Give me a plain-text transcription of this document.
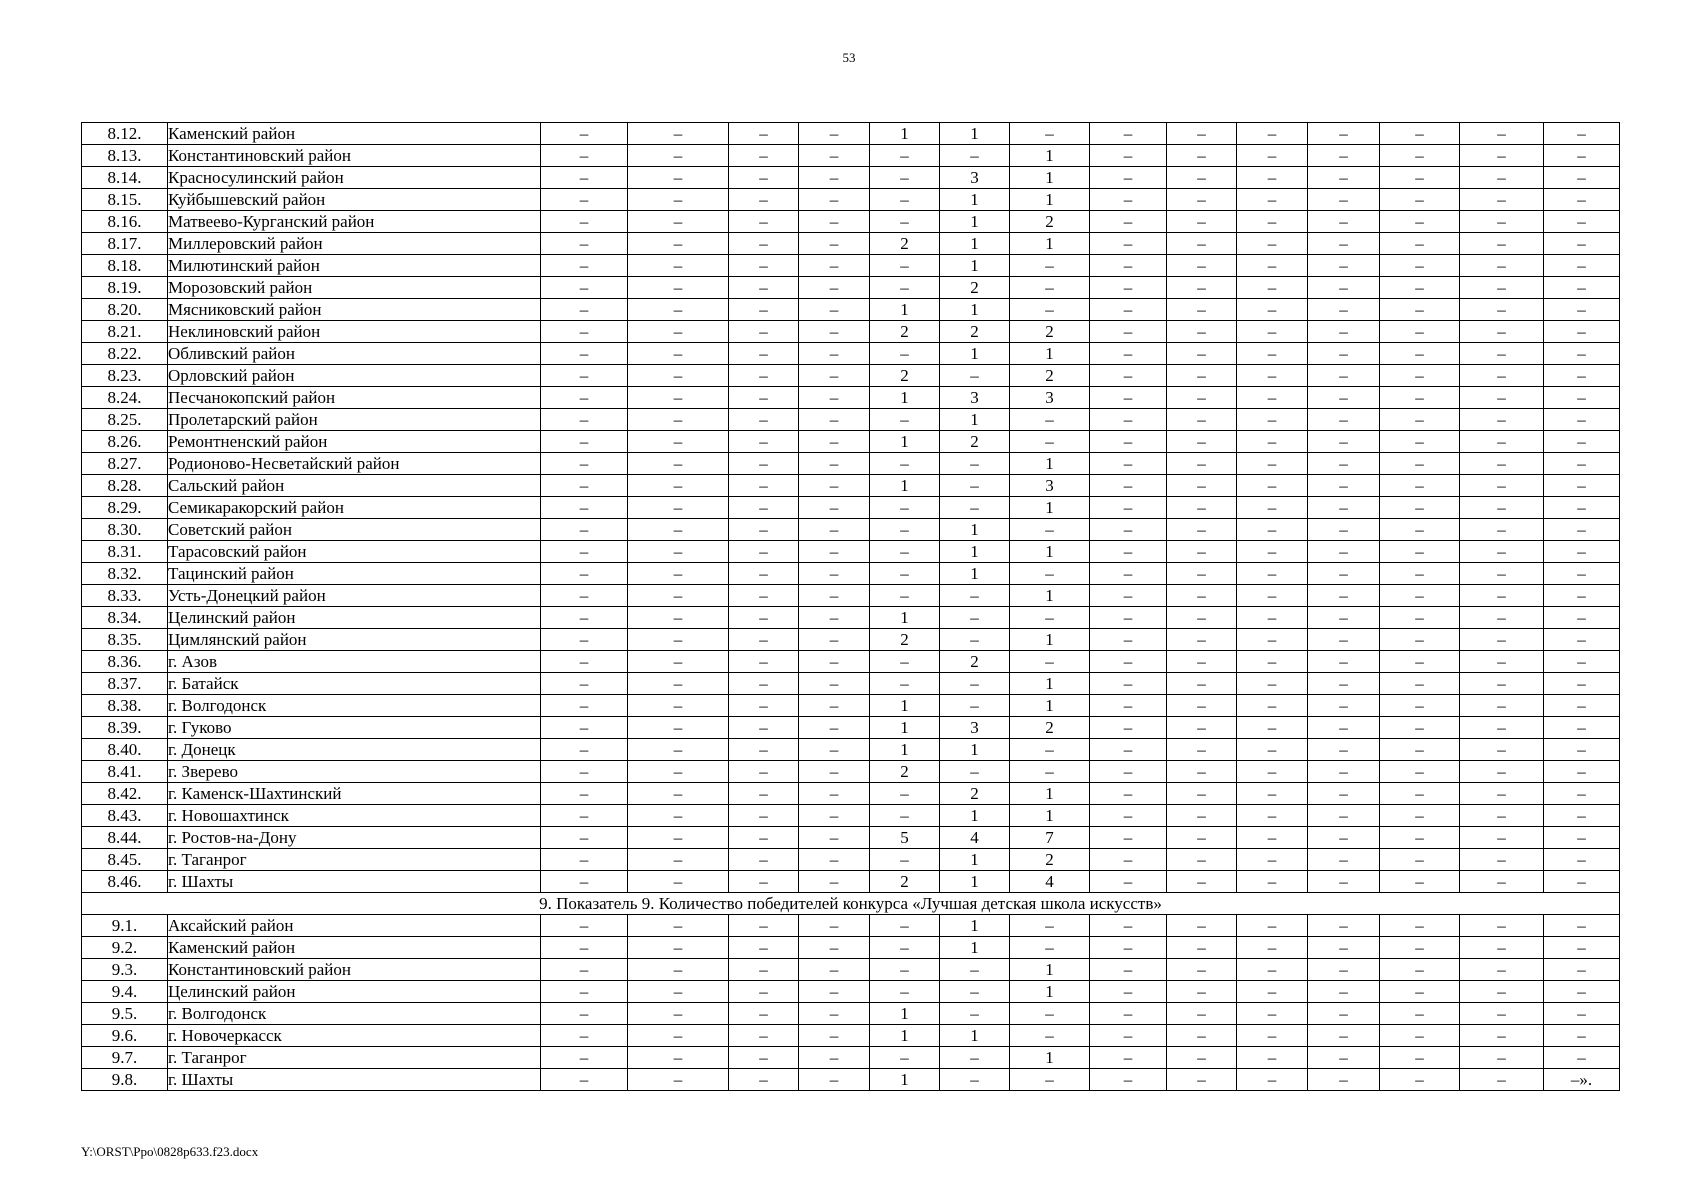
53
8.12.	Каменский район	–	–	–	–	1	1	–	–	–	–	–	–	–	–
8.13.	Константиновский район	–	–	–	–	–	–	1	–	–	–	–	–	–	–
8.14.	Красносулинский район	–	–	–	–	–	3	1	–	–	–	–	–	–	–
8.15.	Куйбышевский район	–	–	–	–	–	1	1	–	–	–	–	–	–	–
8.16.	Матвеево-Курганский район	–	–	–	–	–	1	2	–	–	–	–	–	–	–
8.17.	Миллеровский район	–	–	–	–	2	1	1	–	–	–	–	–	–	–
8.18.	Милютинский район	–	–	–	–	–	1	–	–	–	–	–	–	–	–
8.19.	Морозовский район	–	–	–	–	–	2	–	–	–	–	–	–	–	–
8.20.	Мясниковский район	–	–	–	–	1	1	–	–	–	–	–	–	–	–
8.21.	Неклиновский район	–	–	–	–	2	2	2	–	–	–	–	–	–	–
8.22.	Обливский район	–	–	–	–	–	1	1	–	–	–	–	–	–	–
8.23.	Орловский район	–	–	–	–	2	–	2	–	–	–	–	–	–	–
8.24.	Песчанокопский район	–	–	–	–	1	3	3	–	–	–	–	–	–	–
8.25.	Пролетарский район	–	–	–	–	–	1	–	–	–	–	–	–	–	–
8.26.	Ремонтненский район	–	–	–	–	1	2	–	–	–	–	–	–	–	–
8.27.	Родионово-Несветайский район	–	–	–	–	–	–	1	–	–	–	–	–	–	–
8.28.	Сальский район	–	–	–	–	1	–	3	–	–	–	–	–	–	–
8.29.	Семикаракорский район	–	–	–	–	–	–	1	–	–	–	–	–	–	–
8.30.	Советский район	–	–	–	–	–	1	–	–	–	–	–	–	–	–
8.31.	Тарасовский район	–	–	–	–	–	1	1	–	–	–	–	–	–	–
8.32.	Тацинский район	–	–	–	–	–	1	–	–	–	–	–	–	–	–
8.33.	Усть-Донецкий район	–	–	–	–	–	–	1	–	–	–	–	–	–	–
8.34.	Целинский район	–	–	–	–	1	–	–	–	–	–	–	–	–	–
8.35.	Цимлянский район	–	–	–	–	2	–	1	–	–	–	–	–	–	–
8.36.	г. Азов	–	–	–	–	–	2	–	–	–	–	–	–	–	–
8.37.	г. Батайск	–	–	–	–	–	–	1	–	–	–	–	–	–	–
8.38.	г. Волгодонск	–	–	–	–	1	–	1	–	–	–	–	–	–	–
8.39.	г. Гуково	–	–	–	–	1	3	2	–	–	–	–	–	–	–
8.40.	г. Донецк	–	–	–	–	1	1	–	–	–	–	–	–	–	–
8.41.	г. Зверево	–	–	–	–	2	–	–	–	–	–	–	–	–	–
8.42.	г. Каменск-Шахтинский	–	–	–	–	–	2	1	–	–	–	–	–	–	–
8.43.	г. Новошахтинск	–	–	–	–	–	1	1	–	–	–	–	–	–	–
8.44.	г. Ростов-на-Дону	–	–	–	–	5	4	7	–	–	–	–	–	–	–
8.45.	г. Таганрог	–	–	–	–	–	1	2	–	–	–	–	–	–	–
8.46.	г. Шахты	–	–	–	–	2	1	4	–	–	–	–	–	–	–
9. Показатель 9. Количество победителей конкурса «Лучшая детская школа искусств»															
9.1.	Аксайский район	–	–	–	–	–	1	–	–	–	–	–	–	–	–
9.2.	Каменский район	–	–	–	–	–	1	–	–	–	–	–	–	–	–
9.3.	Константиновский район	–	–	–	–	–	–	1	–	–	–	–	–	–	–
9.4.	Целинский район	–	–	–	–	–	–	1	–	–	–	–	–	–	–
9.5.	г. Волгодонск	–	–	–	–	1	–	–	–	–	–	–	–	–	–
9.6.	г. Новочеркасск	–	–	–	–	1	1	–	–	–	–	–	–	–	–
9.7.	г. Таганрог	–	–	–	–	–	–	1	–	–	–	–	–	–	–
9.8.	г. Шахты	–	–	–	–	1	–	–	–	–	–	–	–	–	–».
Y:\ORST\Ppo\0828p633.f23.docx
